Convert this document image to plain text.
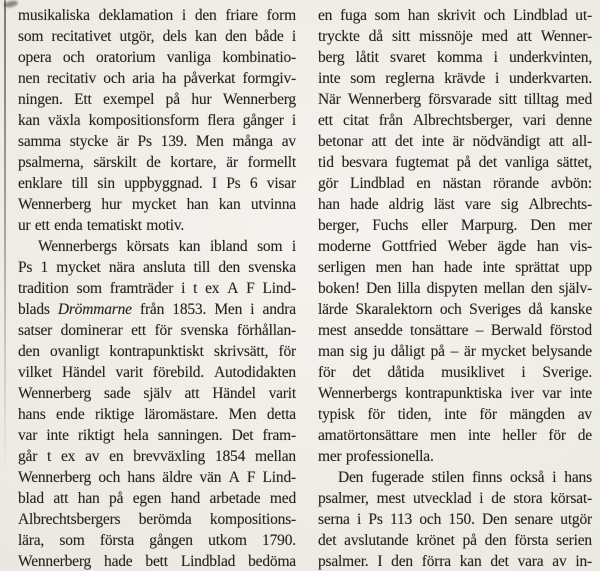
musikaliska deklamation i den friare form
som recitativet utgör, dels kan den både i
opera och oratorium vanliga kombinatio-
nen recitativ och aria ha påverkat formgiv-
ningen. Ett exempel på hur Wennerberg
kan växla kompositionsform flera gånger i
samma stycke är Ps 139. Men många av
psalmerna, särskilt de kortare, är formellt
enklare till sin uppbyggnad. I Ps 6 visar
Wennerberg hur mycket han kan utvinna
ur ett enda tematiskt motiv.
Wennerbergs körsats kan ibland som i
Ps 1 mycket nära ansluta till den svenska
tradition som framträder i t ex A F Lind-
blads Drömmarne från 1853. Men i andra
satser dominerar ett för svenska förhållan-
den ovanligt kontrapunktiskt skrivsätt, för
vilket Händel varit förebild. Autodidakten
Wennerberg sade själv att Händel varit
hans ende riktige läromästare. Men detta
var inte riktigt hela sanningen. Det fram-
går t ex av en brevväxling 1854 mellan
Wennerberg och hans äldre vän A F Lind-
blad att han på egen hand arbetade med
Albrechtsbergers berömda kompositions-
lära, som första gången utkom 1790.
Wennerberg hade bett Lindblad bedöma
en fuga som han skrivit och Lindblad ut-
tryckte då sitt missnöje med att Wenner-
berg låtit svaret komma i underkvinten,
inte som reglerna krävde i underkvarten.
När Wennerberg försvarade sitt tilltag med
ett citat från Albrechtsberger, vari denne
betonar att det inte är nödvändigt att all-
tid besvara fugtemat på det vanliga sättet,
gör Lindblad en nästan rörande avbön:
han hade aldrig läst vare sig Albrechts-
berger, Fuchs eller Marpurg. Den mer
moderne Gottfried Weber ägde han vis-
serligen men han hade inte sprättat upp
boken! Den lilla dispyten mellan den själv-
lärde Skaralektorn och Sveriges då kanske
mest ansedde tonsättare – Berwald förstod
man sig ju dåligt på – är mycket belysande
för det dåtida musiklivet i Sverige.
Wennerbergs kontrapunktiska iver var inte
typisk för tiden, inte för mängden av
amatörtonsättare men inte heller för de
mer professionella.
Den fugerade stilen finns också i hans
psalmer, mest utvecklad i de stora körsat-
serna i Ps 113 och 150. Den senare utgör
det avslutande krönet på den första serien
psalmer. I den förra kan det vara av in-
